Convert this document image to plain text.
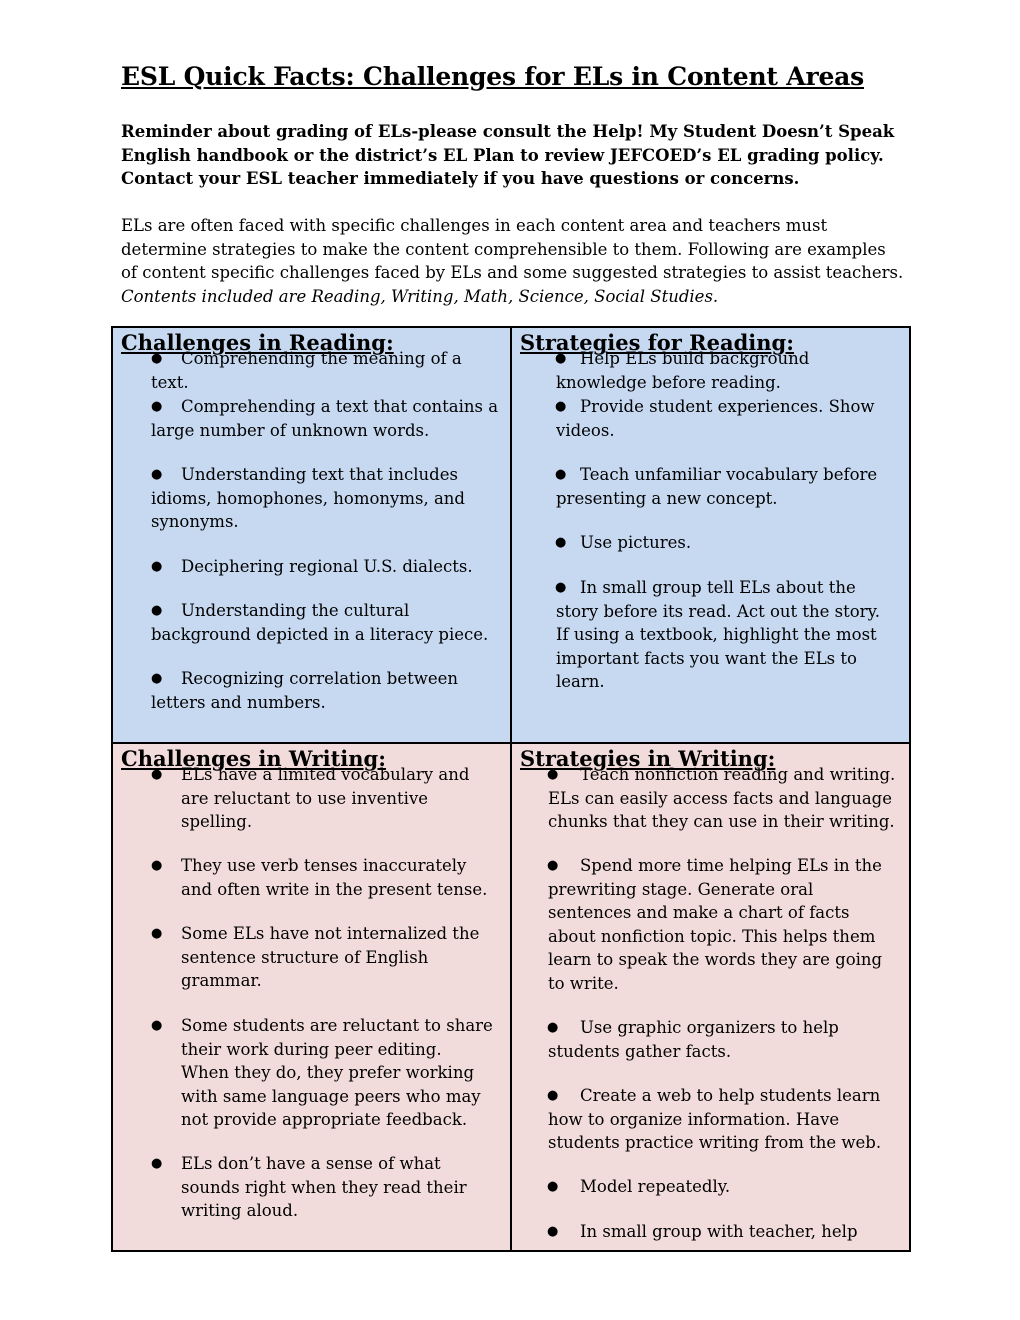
ESL Quick Facts: Challenges for ELs in Content Areas
Reminder about grading of ELs-please consult the Help! My Student Doesn’t Speak
English handbook or the district’s EL Plan to review JEFCOED’s EL grading policy.
Contact your ESL teacher immediately if you have questions or concerns.
ELs are often faced with specific challenges in each content area and teachers must
determine strategies to make the content comprehensible to them. Following are examples
of content specific challenges faced by ELs and some suggested strategies to assist teachers.
Contents included are Reading, Writing, Math, Science, Social Studies.
Challenges in Reading:
● Comprehending the meaning of a
text.
● Comprehending a text that contains a
large number of unknown words.
● Understanding text that includes
idioms, homophones, homonyms, and
synonyms.
● Deciphering regional U.S. dialects.
● Understanding the cultural
background depicted in a literacy piece.
● Recognizing correlation between
letters and numbers.
Strategies for Reading:
● Help ELs build background
knowledge before reading.
● Provide student experiences. Show
videos.
● Teach unfamiliar vocabulary before
presenting a new concept.
● Use pictures.
● In small group tell ELs about the
story before its read. Act out the story.
If using a textbook, highlight the most
important facts you want the ELs to
learn.
Challenges in Writing:
● ELs have a limited vocabulary and
are reluctant to use inventive
spelling.
● They use verb tenses inaccurately
and often write in the present tense.
● Some ELs have not internalized the
sentence structure of English
grammar.
● Some students are reluctant to share
their work during peer editing.
When they do, they prefer working
with same language peers who may
not provide appropriate feedback.
● ELs don’t have a sense of what
sounds right when they read their
writing aloud.
Strategies in Writing:
● Teach nonfiction reading and writing.
ELs can easily access facts and language
chunks that they can use in their writing.
● Spend more time helping ELs in the
prewriting stage. Generate oral
sentences and make a chart of facts
about nonfiction topic. This helps them
learn to speak the words they are going
to write.
● Use graphic organizers to help
students gather facts.
● Create a web to help students learn
how to organize information. Have
students practice writing from the web.
● Model repeatedly.
● In small group with teacher, help
